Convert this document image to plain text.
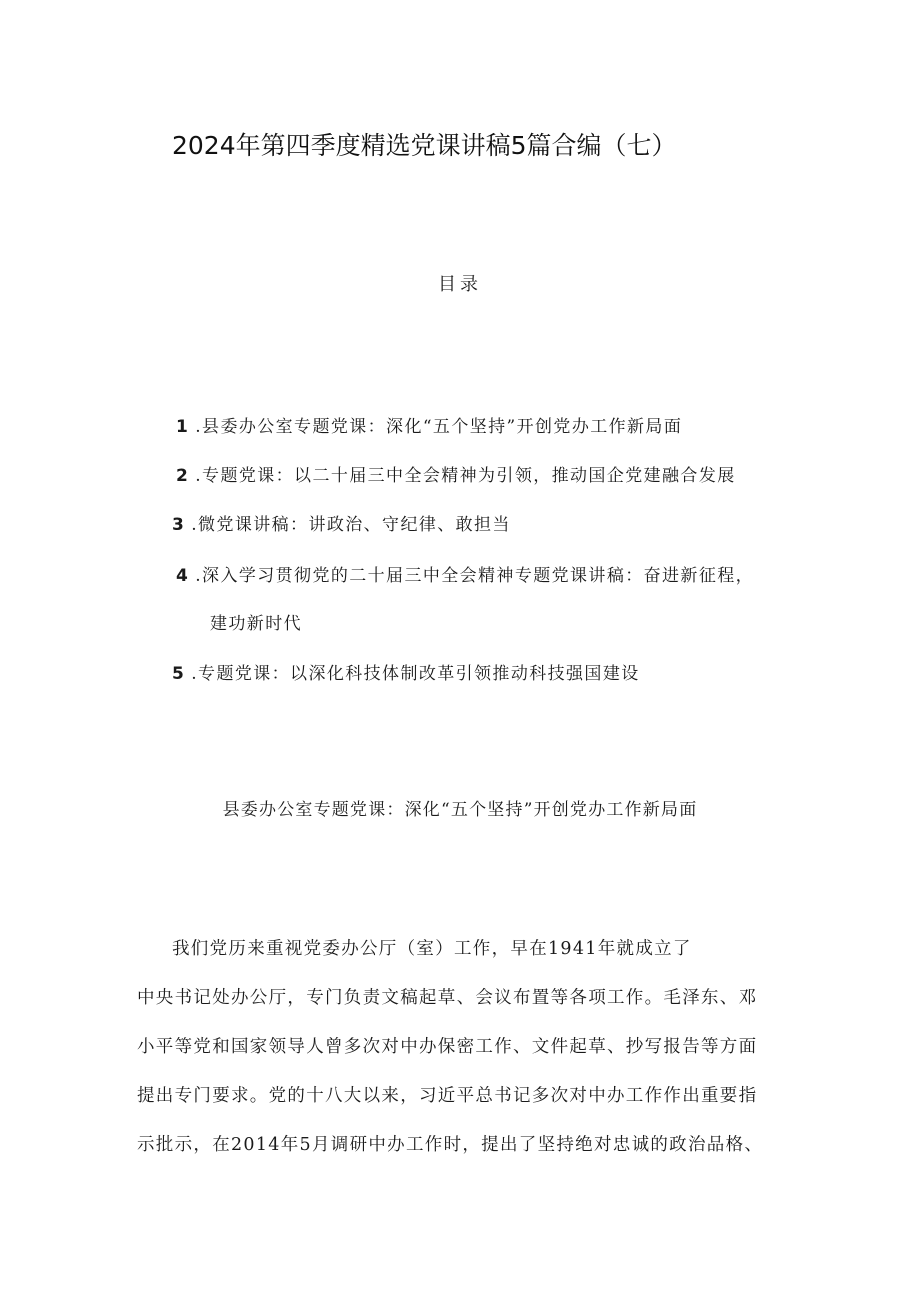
2024年第四季度精选党课讲稿5篇合编（七）
目录
1 .县委办公室专题党课：深化“五个坚持”开创党办工作新局面
2 .专题党课：以二十届三中全会精神为引领，推动国企党建融合发展
3 .微党课讲稿：讲政治、守纪律、敢担当
4 .深入学习贯彻党的二十届三中全会精神专题党课讲稿：奋进新征程，
建功新时代
5 .专题党课：以深化科技体制改革引领推动科技强国建设
县委办公室专题党课：深化“五个坚持”开创党办工作新局面
我们党历来重视党委办公厅（室）工作，早在1941年就成立了
中央书记处办公厅，专门负责文稿起草、会议布置等各项工作。毛泽东、邓
小平等党和国家领导人曾多次对中办保密工作、文件起草、抄写报告等方面
提出专门要求。党的十八大以来，习近平总书记多次对中办工作作出重要指
示批示，在2014年5月调研中办工作时，提出了坚持绝对忠诚的政治品格、
